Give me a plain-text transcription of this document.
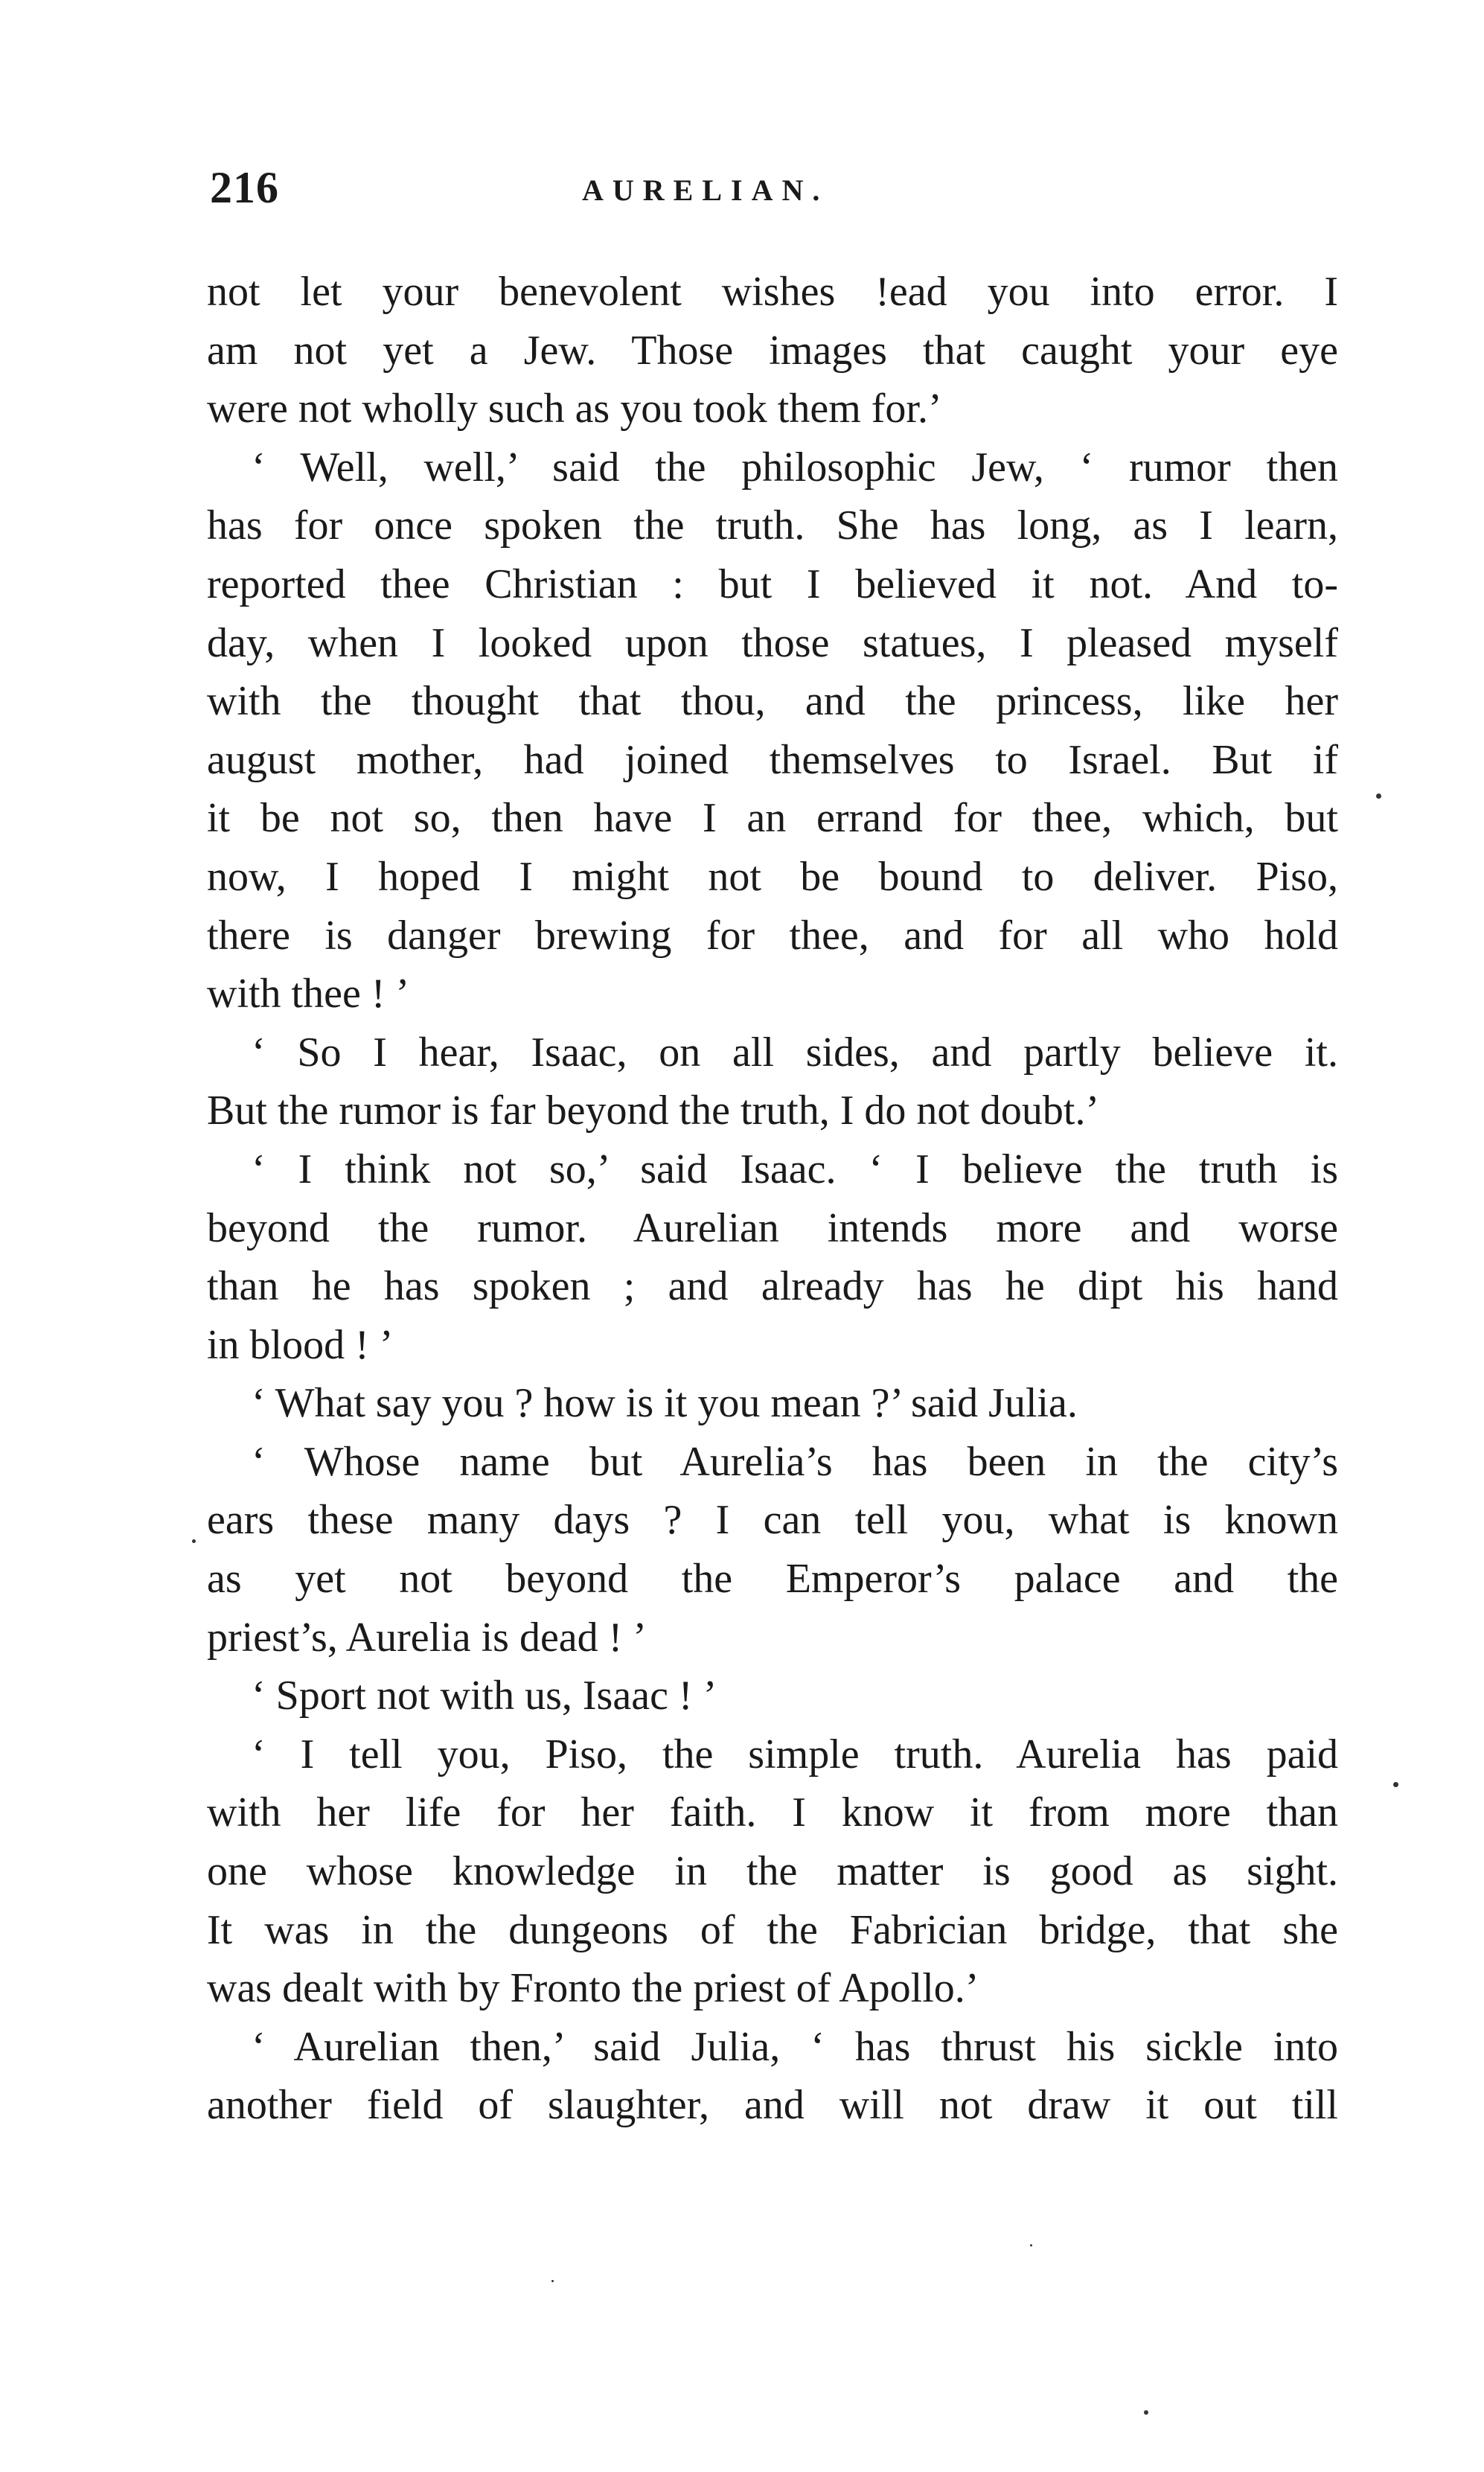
216	AURELIAN.
not let your benevolent wishes !ead you into error. I
am not yet a Jew. Those images that caught your eye
were not wholly such as you took them for.’
‘ Well, well,’ said the philosophic Jew, ‘ rumor then
has for once spoken the truth. She has long, as I learn,
reported thee Christian : but I believed it not. And to-
day, when I looked upon those statues, I pleased myself
with the thought that thou, and the princess, like her
august mother, had joined themselves to Israel. But if
it be not so, then have I an errand for thee, which, but
now, I hoped I might not be bound to deliver. Piso,
there is danger brewing for thee, and for all who hold
with thee ! ’
‘ So I hear, Isaac, on all sides, and partly believe it.
But the rumor is far beyond the truth, I do not doubt.’
‘ I think not so,’ said Isaac. ‘ I believe the truth is
beyond the rumor. Aurelian intends more and worse
than he has spoken ; and already has he dipt his hand
in blood ! ’
‘ What say you ? how is it you mean ?’ said Julia.
‘ Whose name but Aurelia’s has been in the city’s
ears these many days ? I can tell you, what is known
as yet not beyond the Emperor’s palace and the
priest’s, Aurelia is dead ! ’
‘ Sport not with us, Isaac ! ’
‘ I tell you, Piso, the simple truth. Aurelia has paid
with her life for her faith. I know it from more than
one whose knowledge in the matter is good as sight.
It was in the dungeons of the Fabrician bridge, that she
was dealt with by Fronto the priest of Apollo.’
‘ Aurelian then,’ said Julia, ‘ has thrust his sickle into
another field of slaughter, and will not draw it out till
